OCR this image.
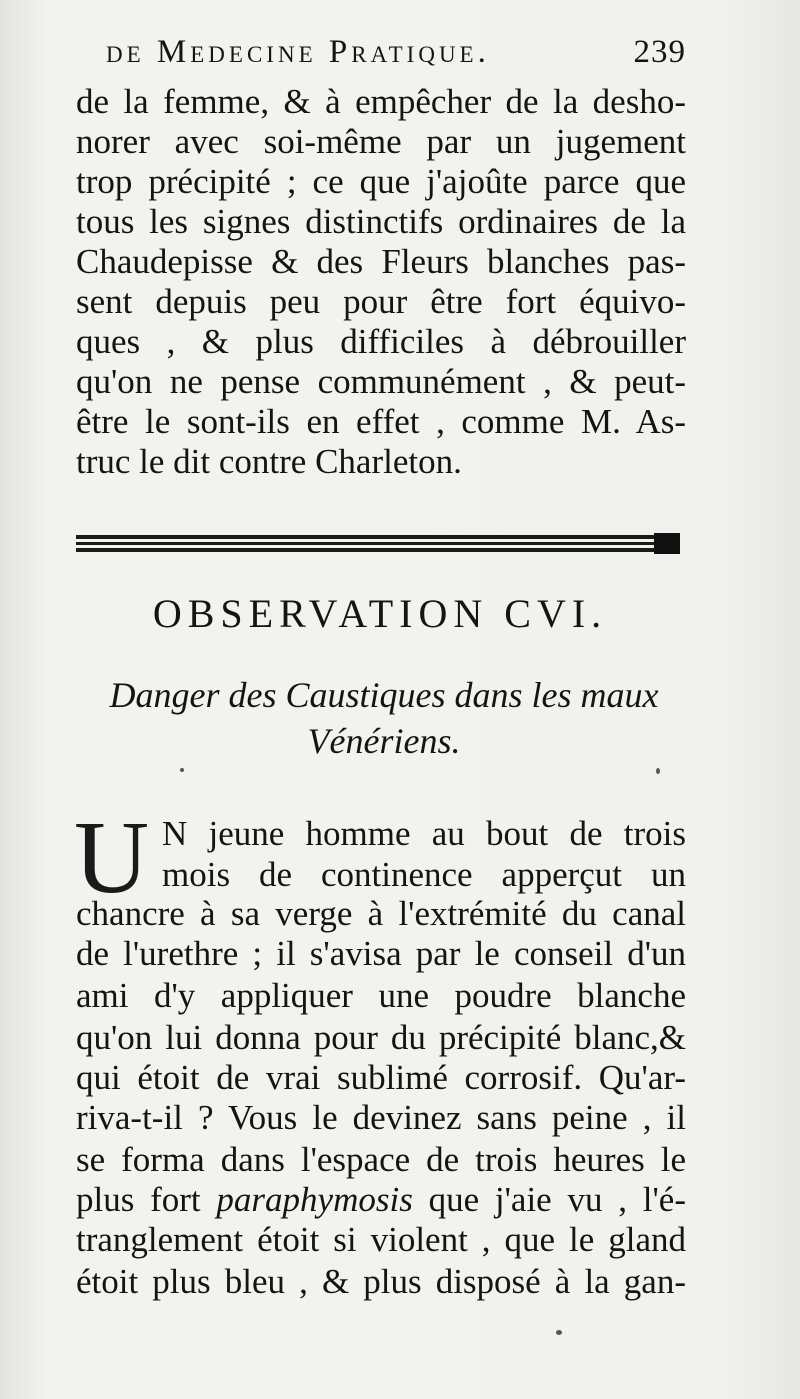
de Medecine Pratique.	239
de la femme, & à empêcher de la desho-
norer avec soi-même par un jugement
trop précipité ; ce que j'ajoûte parce que
tous les signes distinctifs ordinaires de la
Chaudepisse & des Fleurs blanches pas-
sent depuis peu pour être fort équivo-
ques , & plus difficiles à débrouiller
qu'on ne pense communément , & peut-
être le sont-ils en effet , comme M. As-
truc le dit contre Charleton.
OBSERVATION CVI.
Danger des Caustiques dans les maux
Vénériens.
U N jeune homme au bout de trois
mois de continence apperçut un
chancre à sa verge à l'extrémité du canal
de l'urethre ; il s'avisa par le conseil d'un
ami d'y appliquer une poudre blanche
qu'on lui donna pour du précipité blanc,&
qui étoit de vrai sublimé corrosif. Qu'ar-
riva-t-il ? Vous le devinez sans peine , il
se forma dans l'espace de trois heures le
plus fort paraphymosis que j'aie vu , l'é-
tranglement étoit si violent , que le gland
étoit plus bleu , & plus disposé à la gan-
